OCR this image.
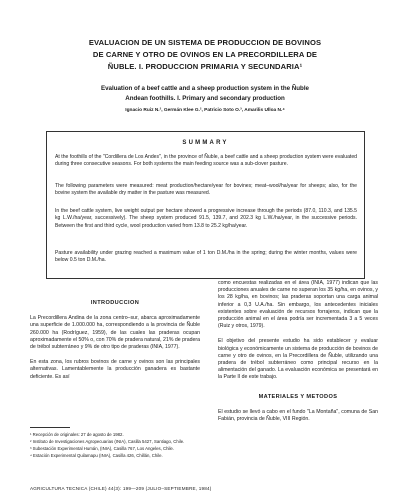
EVALUACION DE UN SISTEMA DE PRODUCCION DE BOVINOS
DE CARNE Y OTRO DE OVINOS EN LA PRECORDILLERA DE
ÑUBLE. I. PRODUCCION PRIMARIA Y SECUNDARIA¹
Evaluation of a beef cattle and a sheep production system in the Ñuble
Andean foothills. I. Primary and secondary production
Ignacio Ruiz N.², Germán Klee G.², Patricio Soto O.³, Amarilis Ulloa N.⁴
SUMMARY

At the foothills of the "Cordillera de Los Andes", in the province of Ñuble, a beef cattle and a sheep production system were evaluated during three consecutive seasons. For both systems the main feeding source was a sub-clover pasture.

The following parameters were measured: meat production/hectare/year for bovines; meat–wool/ha/year for sheeps; also, for the bovine system the available dry matter in the pasture was measured.

In the beef cattle system, live weight output per hectare showed a progressive increase through the periods (87.0, 110.3, and 135.5 kg L.W./ha/year, successively). The sheep system produced 91.5, 139.7, and 202.3 kg L.W./ha/year, in the successive periods. Between the first and third cycle, wool production varied from 13.8 to 25.2 kg/ha/year.

Pasture availability under grazing reached a maximum value of 1 ton D.M./ha in the spring; during the winter months, values were below 0.5 ton D.M./ha.

INTRODUCCION

La Precordillera Andina de la zona centro–sur, abarca aproximadamente una superficie de 1.000.000 ha, correspondiendo a la provincia de Ñuble 260.000 ha (Rodríguez, 1959), de las cuales las praderas ocupan aproximadamente el 50% o, con 70% de pradera natural, 21% de pradera de trébol subterráneo y 9% de otro tipo de praderas (INIA, 1977).

En esta zona, los rubros bovinos de carne y ovinos son las principales alternativas. Lamentablemente la producción ganadera es bastante deficiente. Es así

como encuestas realizadas en el área (INIA, 1977) indican que las producciones anuales de carne no superan los 35 kg/ha, en ovinos, y los 28 kg/ha, en bovinos; las praderas soportan una carga animal inferior a 0,3 U.A./ha. Sin embargo, los antecedentes iniciales existentes sobre evaluación de recursos forrajeros, indican que la producción animal en el área podría ser incrementada 3 a 5 veces (Ruiz y otros, 1979).

El objetivo del presente estudio ha sido establecer y evaluar biológica y económicamente un sistema de producción de bovinos de carne y otro de ovinos, en la Precordillera de Ñuble, utilizando una pradera de trébol subterráneo como principal recurso en la alimentación del ganado. La evaluación económica se presentará en la Parte II de este trabajo.

MATERIALES Y METODOS

El estudio se llevó a cabo en el fundo "La Montaña", comuna de San Fabián, provincia de Ñuble, VIII Región.

¹ Recepción de originales: 27 de agosto de 1982.
² Instituto de Investigaciones Agropecuarias (INIA), Casilla 5427, Santiago, Chile.
³ Subestación Experimental Humán, (INIA), Casilla 767, Los Angeles, Chile.
⁴ Estación Experimental Quilamapu (INIA), Casilla 426, Chillán, Chile.
AGRICULTURA TECNICA (CHILE) 44(3): 199—209 (JULIO–SEPTIEMBRE, 1984)
